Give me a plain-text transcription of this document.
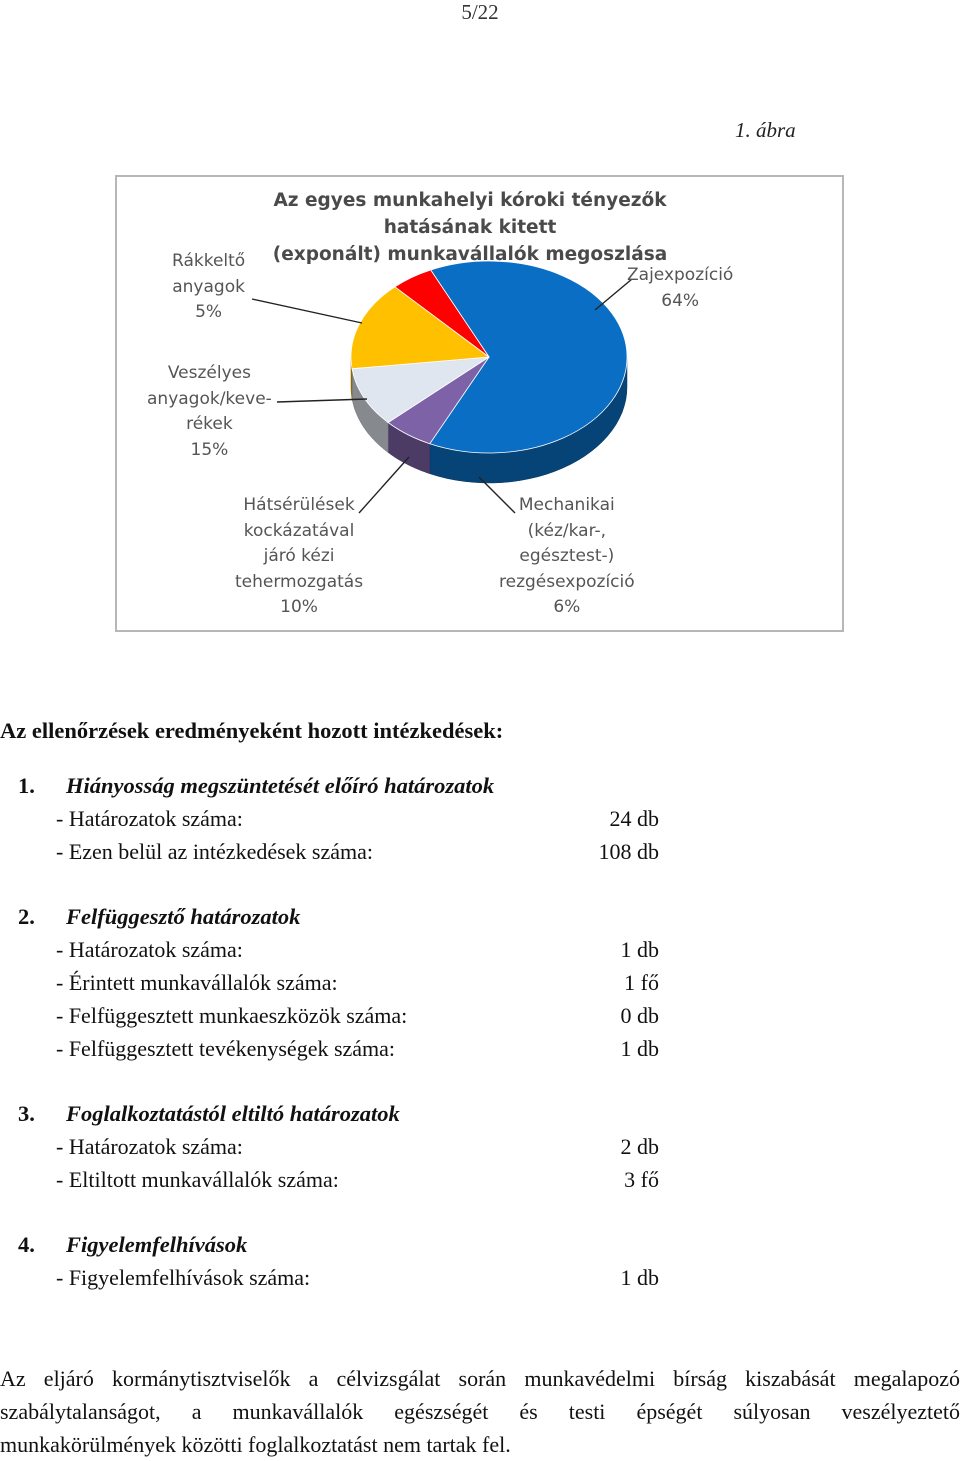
5/22
1. ábra
Az egyes munkahelyi kóroki tényezők hatásának kitett
(exponált) munkavállalók megoszlása
Zajexpozíció
64%
Rákkeltő
anyagok
5%
Veszélyes
anyagok/keve-
rékek
15%
Hátsérülések
kockázatával
járó kézi
tehermozgatás
10%
Mechanikai
(kéz/kar-,
egésztest-)
rezgésexpozíció
6%
Az ellenőrzések eredményeként hozott intézkedések:
1. Hiányosság megszüntetését előíró határozatok
- Határozatok száma:	24 db
- Ezen belül az intézkedések száma:	108 db
2. Felfüggesztő határozatok
- Határozatok száma:	1 db
- Érintett munkavállalók száma:	1 fő
- Felfüggesztett munkaeszközök száma:	0 db
- Felfüggesztett tevékenységek száma:	1 db
3. Foglalkoztatástól eltiltó határozatok
- Határozatok száma:	2 db
- Eltiltott munkavállalók száma:	3 fő
4. Figyelemfelhívások
- Figyelemfelhívások száma:	1 db
Az eljáró kormánytisztviselők a célvizsgálat során munkavédelmi bírság kiszabását megalapozó
szabálytalanságot, a munkavállalók egészségét és testi épségét súlyosan veszélyeztető
munkakörülmények közötti foglalkoztatást nem tartak fel.
